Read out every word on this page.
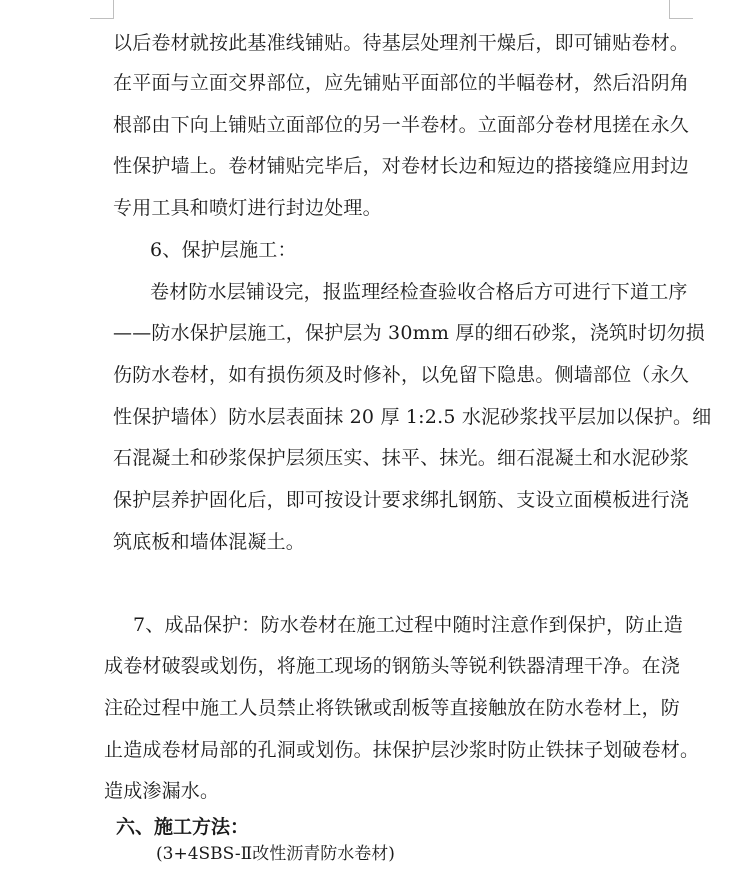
以后卷材就按此基准线铺贴。待基层处理剂干燥后，即可铺贴卷材。
在平面与立面交界部位，应先铺贴平面部位的半幅卷材，然后沿阴角
根部由下向上铺贴立面部位的另一半卷材。立面部分卷材甩搓在永久
性保护墙上。卷材铺贴完毕后，对卷材长边和短边的搭接缝应用封边
专用工具和喷灯进行封边处理。
6、保护层施工：
卷材防水层铺设完，报监理经检查验收合格后方可进行下道工序
——防水保护层施工，保护层为 30mm 厚的细石砂浆，浇筑时切勿损
伤防水卷材，如有损伤须及时修补，以免留下隐患。侧墙部位（永久
性保护墙体）防水层表面抹 20 厚 1:2.5 水泥砂浆找平层加以保护。细
石混凝土和砂浆保护层须压实、抹平、抹光。细石混凝土和水泥砂浆
保护层养护固化后，即可按设计要求绑扎钢筋、支设立面模板进行浇
筑底板和墙体混凝土。
7、成品保护：防水卷材在施工过程中随时注意作到保护，防止造
成卷材破裂或划伤，将施工现场的钢筋头等锐利铁器清理干净。在浇
注砼过程中施工人员禁止将铁锹或刮板等直接触放在防水卷材上，防
止造成卷材局部的孔洞或划伤。抹保护层沙浆时防止铁抹子划破卷材。
造成渗漏水。
六、施工方法：
(3+4SBS-Ⅱ改性沥青防水卷材)
